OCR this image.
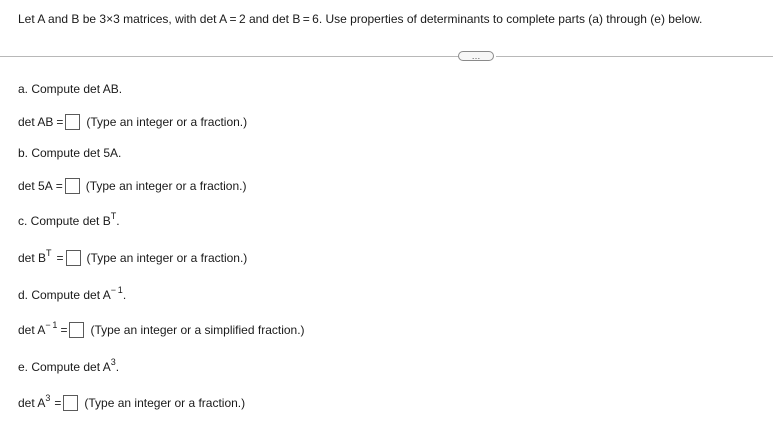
Let A and B be 3×3 matrices, with det A = 2 and det B = 6. Use properties of determinants to complete parts (a) through (e) below.
…
a. Compute det AB.
det AB = (Type an integer or a fraction.)
b. Compute det 5A.
det 5A = (Type an integer or a fraction.)
c. Compute $\det B^T$ .
$\det B^T$ = (Type an integer or a fraction.)
d. Compute $\det A^{- 1}$ .
$\det A^{- 1}$ = (Type an integer or a simplified fraction.)
e. Compute $\det A^3$ .
$\det A^3$ = (Type an integer or a fraction.)
